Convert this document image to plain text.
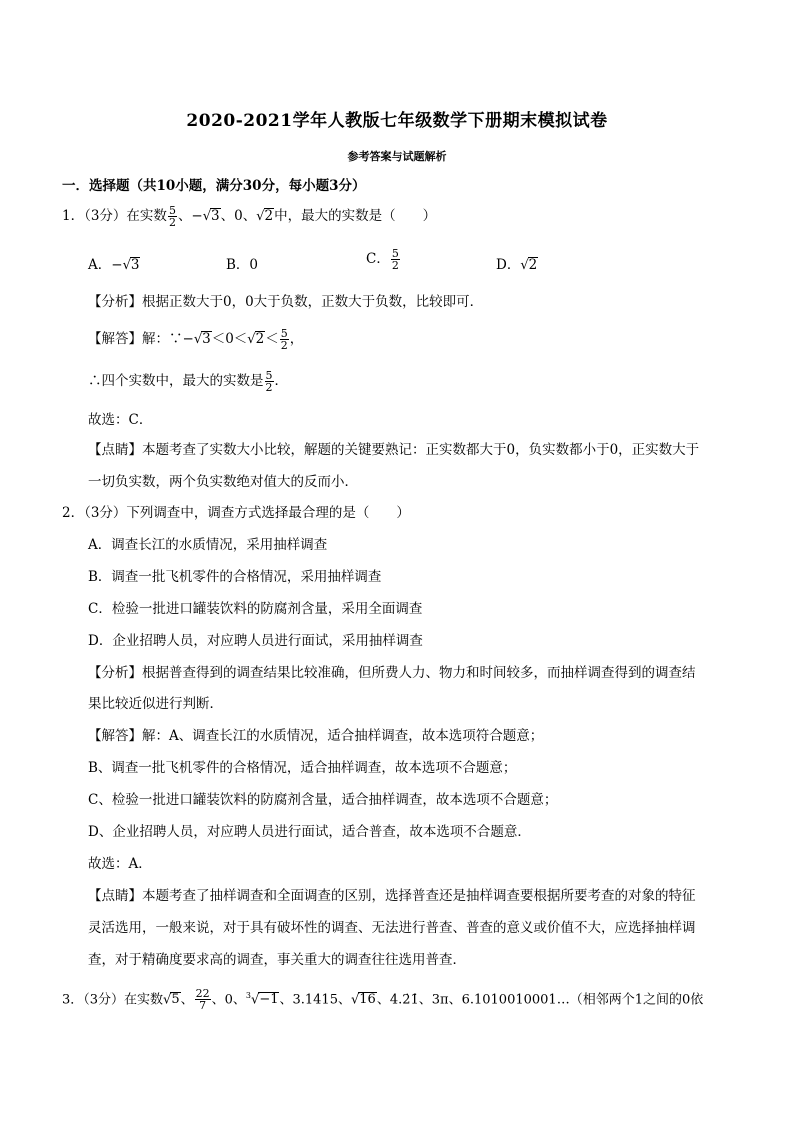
2020-2021学年人教版七年级数学下册期末模拟试卷
参考答案与试题解析
一．选择题（共10小题，满分30分，每小题3分）
1．（3分）在实数 $\frac{5}{2}$ 、−√3、0、√2中，最大的实数是（　　）
A．−√3	B．0	C． $\frac{5}{2}$	D．√2
【分析】根据正数大于0，0大于负数，正数大于负数，比较即可．
【解答】解：∵−√3＜0＜√2＜ $\frac{5}{2}$ ，
∴四个实数中，最大的实数是 $\frac{5}{2}$ ．
故选：C．
【点睛】本题考查了实数大小比较，解题的关键要熟记：正实数都大于0，负实数都小于0，正实数大于
一切负实数，两个负实数绝对值大的反而小．
2．（3分）下列调查中，调查方式选择最合理的是（　　）
A．调查长江的水质情况，采用抽样调查
B．调查一批飞机零件的合格情况，采用抽样调查
C．检验一批进口罐装饮料的防腐剂含量，采用全面调查
D．企业招聘人员，对应聘人员进行面试，采用抽样调查
【分析】根据普查得到的调查结果比较准确，但所费人力、物力和时间较多，而抽样调查得到的调查结
果比较近似进行判断．
【解答】解：A、调查长江的水质情况，适合抽样调查，故本选项符合题意；
B、调查一批飞机零件的合格情况，适合抽样调查，故本选项不合题意；
C、检验一批进口罐装饮料的防腐剂含量，适合抽样调查，故本选项不合题意；
D、企业招聘人员，对应聘人员进行面试，适合普查，故本选项不合题意．
故选：A．
【点睛】本题考查了抽样调查和全面调查的区别，选择普查还是抽样调查要根据所要考查的对象的特征
灵活选用，一般来说，对于具有破坏性的调查、无法进行普查、普查的意义或价值不大，应选择抽样调
查，对于精确度要求高的调查，事关重大的调查往往选用普查．
3．（3分）在实数√5、 $\frac{22}{7}$ 、0、$^3$√−1、3.1415、√16、4.2̇1̇、3π、6.1010010001…（相邻两个1之间的0依
